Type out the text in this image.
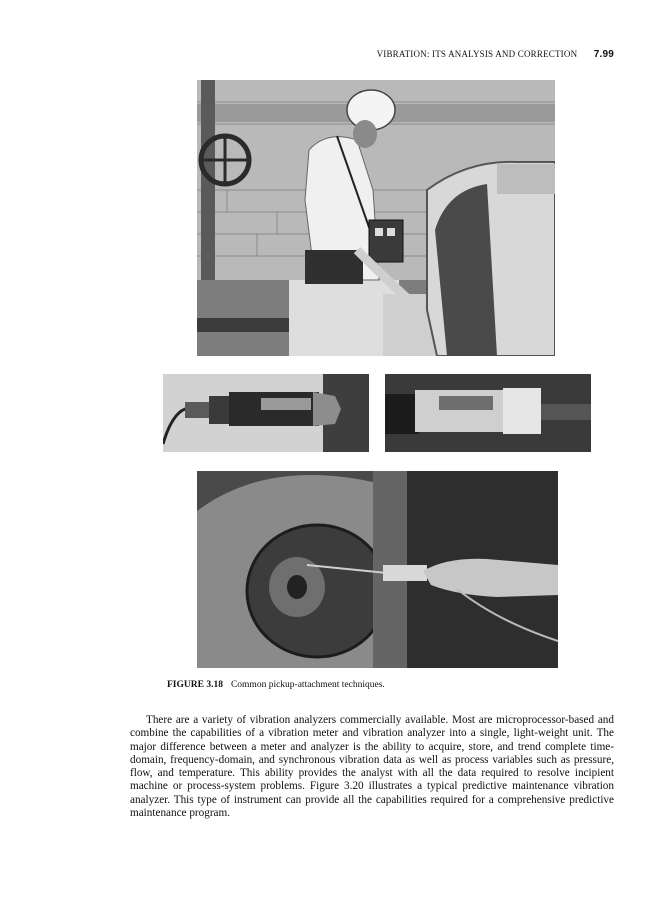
VIBRATION: ITS ANALYSIS AND CORRECTION 7.99
FIGURE 3.18 Common pickup-attachment techniques.

There are a variety of vibration analyzers commercially available. Most are microprocessor-based and combine the capabilities of a vibration meter and vibration analyzer into a single, light-weight unit. The major difference between a meter and analyzer is the ability to acquire, store, and trend complete time-domain, frequency-domain, and synchronous vibration data as well as process variables such as pressure, flow, and temperature. This ability provides the analyst with all the data required to resolve incipient machine or process-system problems. Figure 3.20 illustrates a typical predictive maintenance vibration analyzer. This type of instrument can provide all the capabilities required for a comprehensive predictive maintenance program.
